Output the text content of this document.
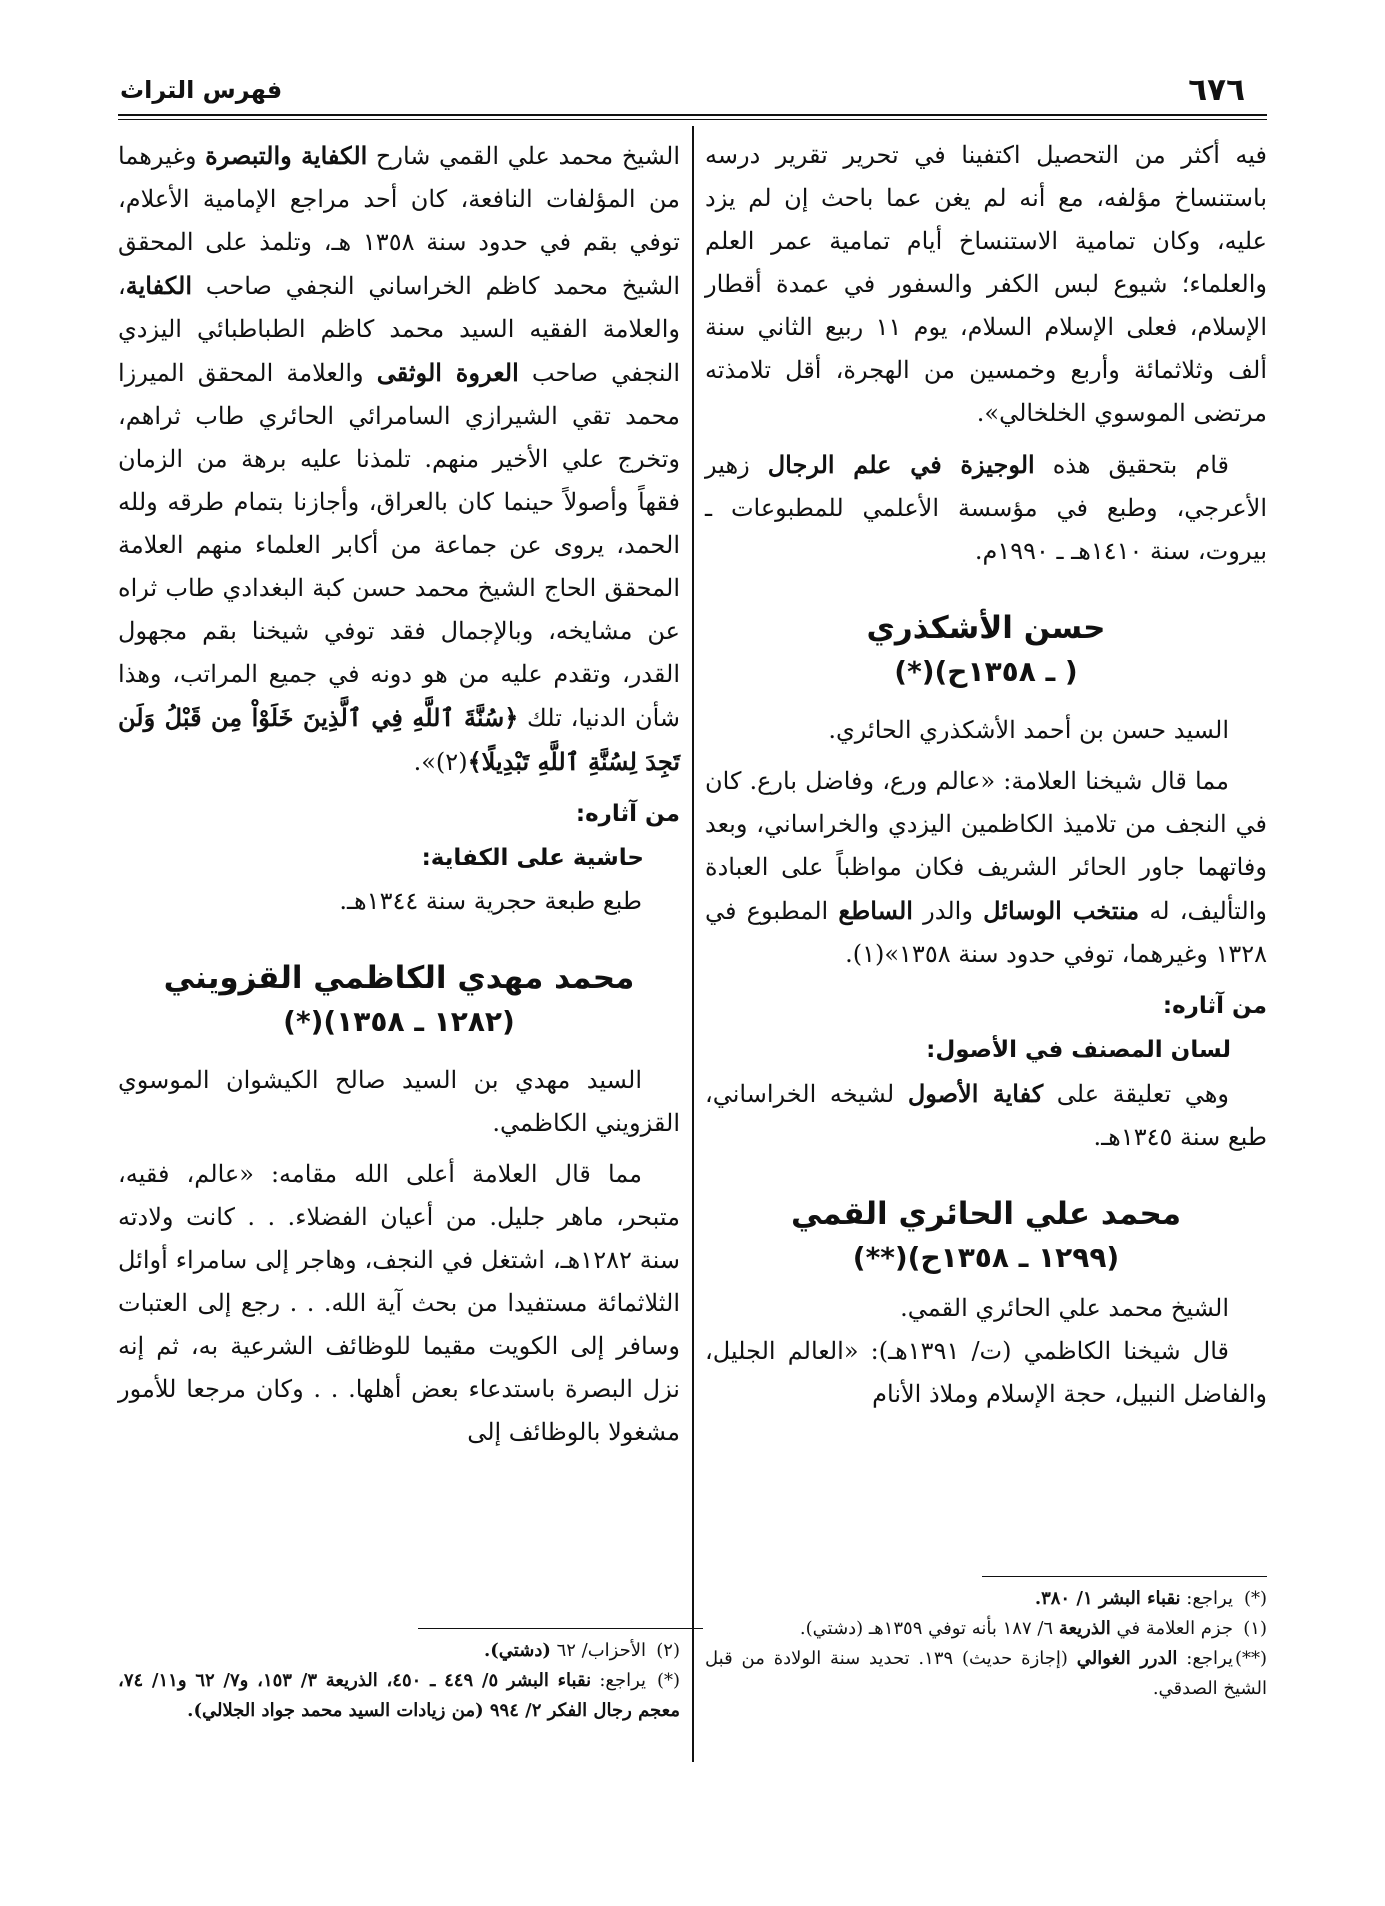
٦٧٦
فهرس التراث

فيه أكثر من التحصيل اكتفينا في تحرير تقرير درسه باستنساخ مؤلفه، مع أنه لم يغن عما باحث إن لم يزد عليه، وكان تمامية الاستنساخ أيام تمامية عمر العلم والعلماء؛ شيوع لبس الكفر والسفور في عمدة أقطار الإسلام، فعلى الإسلام السلام، يوم ١١ ربيع الثاني سنة ألف وثلاثمائة وأربع وخمسين من الهجرة، أقل تلامذته مرتضى الموسوي الخلخالي».

قام بتحقيق هذه الوجيزة في علم الرجال زهير الأعرجي، وطبع في مؤسسة الأعلمي للمطبوعات ـ بيروت، سنة ١٤١٠هـ ـ ١٩٩٠م.

حسن الأشكذري
( ـ ١٣٥٨ح)(*)

السيد حسن بن أحمد الأشكذري الحائري.

مما قال شيخنا العلامة: «عالم ورع، وفاضل بارع. كان في النجف من تلاميذ الكاظمين اليزدي والخراساني، وبعد وفاتهما جاور الحائر الشريف فكان مواظباً على العبادة والتأليف، له منتخب الوسائل والدر الساطع المطبوع في ١٣٢٨ وغيرهما، توفي حدود سنة ١٣٥٨»(١).

من آثاره:
لسان المصنف في الأصول:

وهي تعليقة على كفاية الأصول لشيخه الخراساني، طبع سنة ١٣٤٥هـ.

محمد علي الحائري القمي
(١٢٩٩ ـ ١٣٥٨ح)(**)

الشيخ محمد علي الحائري القمي.

قال شيخنا الكاظمي (ت/ ١٣٩١هـ): «العالم الجليل، والفاضل النبيل، حجة الإسلام وملاذ الأنام

(*)يراجع: نقباء البشر ١/ ٣٨٠.

(١)جزم العلامة في الذريعة ٦/ ١٨٧ بأنه توفي ١٣٥٩هـ (دشتي).

(**)يراجع: الدرر الغوالي (إجازة حديث) ١٣٩. تحديد سنة الولادة من قبل الشيخ الصدقي.

الشيخ محمد علي القمي شارح الكفاية والتبصرة وغيرهما من المؤلفات النافعة، كان أحد مراجع الإمامية الأعلام، توفي بقم في حدود سنة ١٣٥٨ هـ، وتلمذ على المحقق الشيخ محمد كاظم الخراساني النجفي صاحب الكفاية، والعلامة الفقيه السيد محمد كاظم الطباطبائي اليزدي النجفي صاحب العروة الوثقى والعلامة المحقق الميرزا محمد تقي الشيرازي السامرائي الحائري طاب ثراهم، وتخرج علي الأخير منهم. تلمذنا عليه برهة من الزمان فقهاً وأصولاً حينما كان بالعراق، وأجازنا بتمام طرقه ولله الحمد، يروى عن جماعة من أكابر العلماء منهم العلامة المحقق الحاج الشيخ محمد حسن كبة البغدادي طاب ثراه عن مشايخه، وبالإجمال فقد توفي شيخنا بقم مجهول القدر، وتقدم عليه من هو دونه في جميع المراتب، وهذا شأن الدنيا، تلك ﴿سُنَّةَ ٱللَّهِ فِي ٱلَّذِينَ خَلَوْاْ مِن قَبْلُ وَلَن تَجِدَ لِسُنَّةِ ٱللَّهِ تَبْدِيلًا﴾(٢)».

من آثاره:
حاشية على الكفاية:

طبع طبعة حجرية سنة ١٣٤٤هـ.

محمد مهدي الكاظمي القزويني
(١٢٨٢ ـ ١٣٥٨)(*)

السيد مهدي بن السيد صالح الكيشوان الموسوي القزويني الكاظمي.

مما قال العلامة أعلى الله مقامه: «عالم، فقيه، متبحر، ماهر جليل. من أعيان الفضلاء. . . كانت ولادته سنة ١٢٨٢هـ، اشتغل في النجف، وهاجر إلى سامراء أوائل الثلاثمائة مستفيدا من بحث آية الله. . . رجع إلى العتبات وسافر إلى الكويت مقيما للوظائف الشرعية به، ثم إنه نزل البصرة باستدعاء بعض أهلها. . . وكان مرجعا للأمور مشغولا بالوظائف إلى

(٢)الأحزاب/ ٦٢ (دشتي).

(*)يراجع: نقباء البشر ٥/ ٤٤٩ ـ ٤٥٠، الذريعة ٣/ ١٥٣، و٧/ ٦٢ و١١/ ٧٤، معجم رجال الفكر ٢/ ٩٩٤ (من زيادات السيد محمد جواد الجلالي).
